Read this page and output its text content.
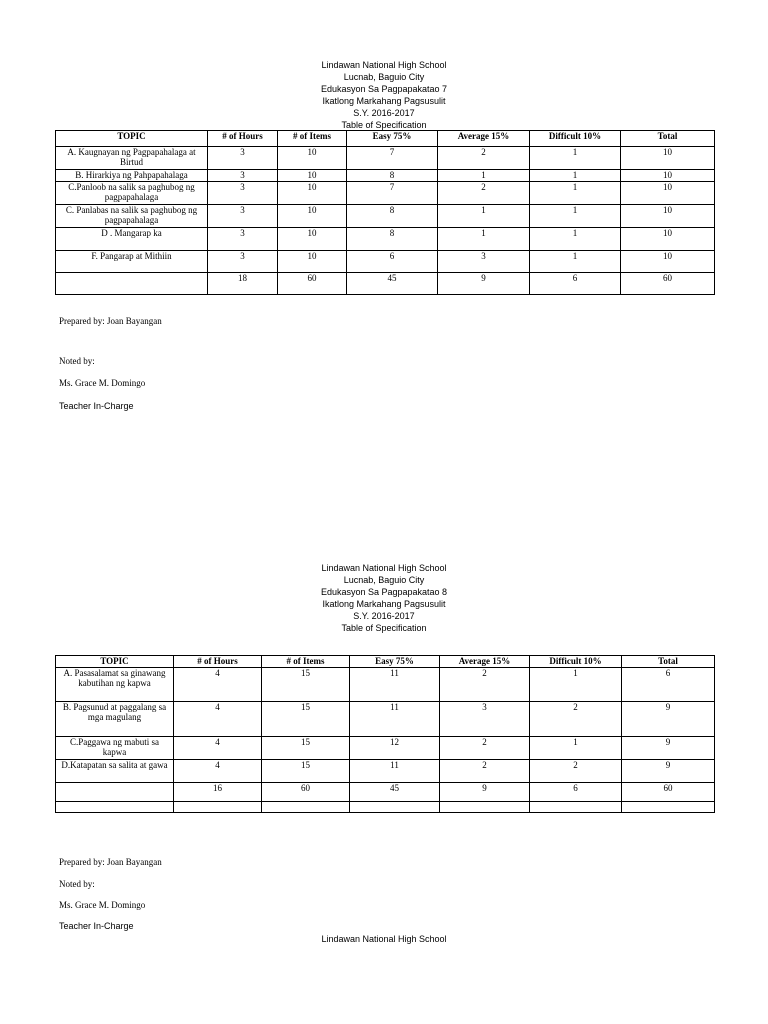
Lindawan National High School
Lucnab, Baguio City
Edukasyon Sa Pagpapakatao 7
Ikatlong Markahang Pagsusulit
S.Y. 2016-2017
Table of Specification
TOPIC	# of Hours	# of Items	Easy 75%	Average 15%	Difficult 10%	Total
A. Kaugnayan ng Pagpapahalaga at Birtud	3	10	7	2	1	10
B. Hirarkiya ng Pahpapahalaga	3	10	8	1	1	10
C.Panloob na salik sa paghubog ng pagpapahalaga	3	10	7	2	1	10
C. Panlabas na salik sa paghubog ng pagpapahalaga	3	10	8	1	1	10
D . Mangarap ka	3	10	8	1	1	10
F. Pangarap at Mithiin	3	10	6	3	1	10
	18	60	45	9	6	60
Prepared by: Joan Bayangan
Noted by:
Ms. Grace M. Domingo
Teacher In-Charge
Lindawan National High School
Lucnab, Baguio City
Edukasyon Sa Pagpapakatao 8
Ikatlong Markahang Pagsusulit
S.Y. 2016-2017
Table of Specification
TOPIC	# of Hours	# of Items	Easy 75%	Average 15%	Difficult 10%	Total
A. Pasasalamat sa ginawang kabutihan ng kapwa	4	15	11	2	1	6
B. Pagsunud at paggalang sa mga magulang	4	15	11	3	2	9
C.Paggawa ng mabuti sa kapwa	4	15	12	2	1	9
D.Katapatan sa salita at gawa	4	15	11	2	2	9
	16	60	45	9	6	60

Prepared by: Joan Bayangan
Noted by:
Ms. Grace M. Domingo
Teacher In-Charge
Lindawan National High School
